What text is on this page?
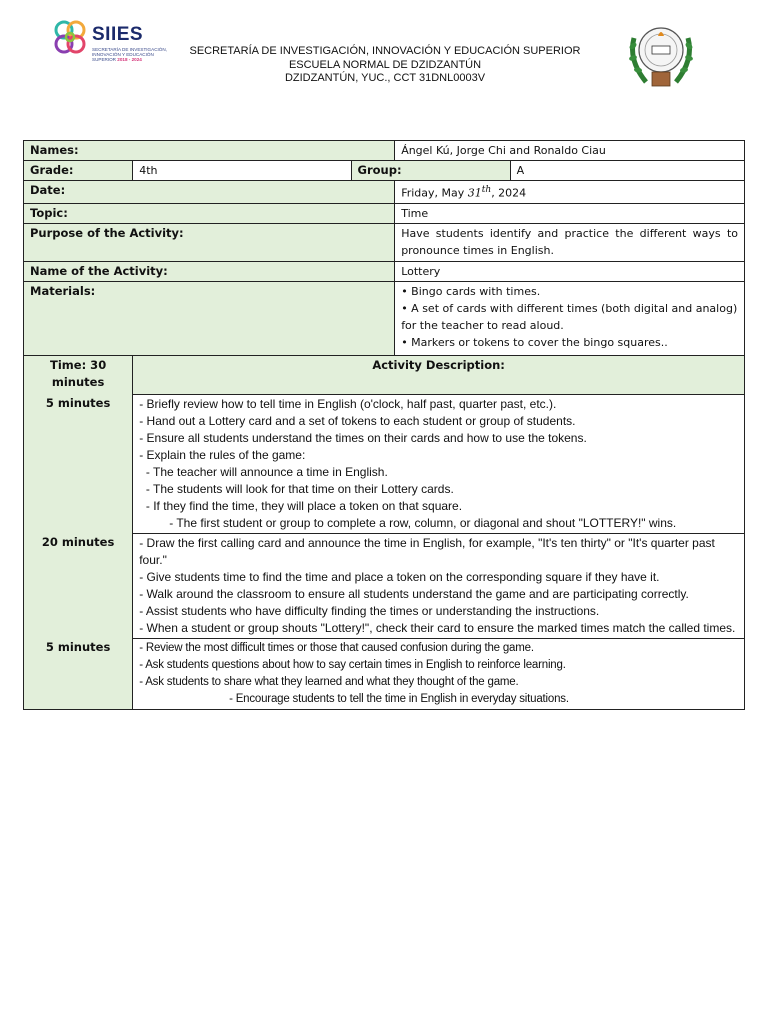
SIIES
SECRETARÍA DE INVESTIGACIÓN,
INNOVACIÓN Y EDUCACIÓN
SUPERIOR 2018 - 2024
SECRETARÍA DE INVESTIGACIÓN, INNOVACIÓN Y EDUCACIÓN SUPERIOR
ESCUELA NORMAL DE DZIDZANTÚN
DZIDZANTÚN, YUC., CCT 31DNL0003V
Names:			Ángel Kú, Jorge Chi and Ronaldo Ciau	
Grade:	4th	Group:		A
Date:			Friday, May 31th, 2024	
Topic:			Time	
Purpose of the Activity:			Have students identify and practice the different ways to pronounce times in English.	
Name of the Activity:			Lottery	
Materials:			• Bingo cards with times.
• A set of cards with different times (both digital and analog) for the teacher to read aloud.
• Markers or tokens to cover the bingo squares..	

Time: 30 minutes	Activity Description:			
5 minutes	- Briefly review how to tell time in English (o'clock, half past, quarter past, etc.).
- Hand out a Lottery card and a set of tokens to each student or group of students.
- Ensure all students understand the times on their cards and how to use the tokens.
- Explain the rules of the game:
- The teacher will announce a time in English.
- The students will look for that time on their Lottery cards.
- If they find the time, they will place a token on that square.
- The first student or group to complete a row, column, or diagonal and shout "LOTTERY!" wins.

20 minutes	- Draw the first calling card and announce the time in English, for example, "It's ten thirty" or "It's quarter past four."
- Give students time to find the time and place a token on the corresponding square if they have it.
- Walk around the classroom to ensure all students understand the game and are participating correctly.
- Assist students who have difficulty finding the times or understanding the instructions.
- When a student or group shouts "Lottery!", check their card to ensure the marked times match the called times.			

5 minutes	- Review the most difficult times or those that caused confusion during the game.
- Ask students questions about how to say certain times in English to reinforce learning.
- Ask students to share what they learned and what they thought of the game.
- Encourage students to tell the time in English in everyday situations.			
